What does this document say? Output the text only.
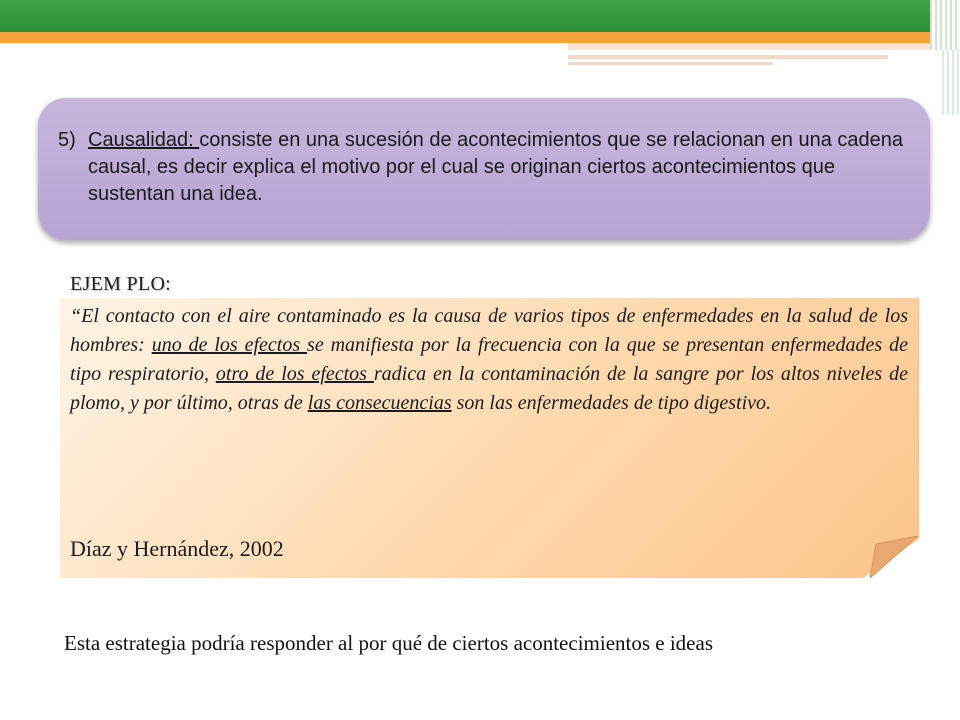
5) Causalidad: consiste en una sucesión de acontecimientos que se relacionan en una cadena causal, es decir explica el motivo por el cual se originan ciertos acontecimientos que sustentan una idea.
EJEM PLO:
“El contacto con el aire contaminado es la causa de varios tipos de enfermedades en la salud de los hombres: uno de los efectos se manifiesta por la frecuencia con la que se presentan enfermedades de tipo respiratorio, otro de los efectos radica en la contaminación de la sangre por los altos niveles de plomo, y por último, otras de las consecuencias son las enfermedades de tipo digestivo.
Díaz y Hernández, 2002
Esta estrategia podría responder al por qué de ciertos acontecimientos e ideas
